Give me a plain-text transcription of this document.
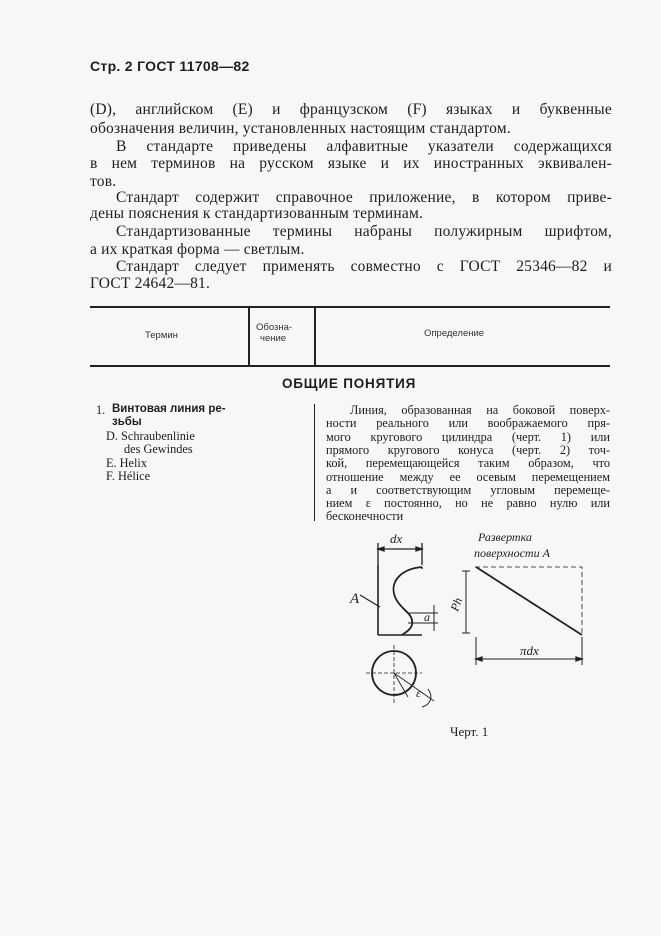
Стр. 2 ГОСТ 11708—82
(D), английском (Е) и французском (F) языках и буквенные
обозначения величин, установленных настоящим стандартом.
В стандарте приведены алфавитные указатели содержащихся
в нем терминов на русском языке и их иностранных эквивален-
тов.
Стандарт содержит справочное приложение, в котором приве-
дены пояснения к стандартизованным терминам.
Стандартизованные термины набраны полужирным шрифтом,
а их краткая форма — светлым.
Стандарт следует применять совместно с ГОСТ 25346—82 и
ГОСТ 24642—81.
Термин
Обозна-
чение	Определение
ОБЩИЕ ПОНЯТИЯ
1. Винтовая линия ре-
зьбы
D. Schraubenlinie
des Gewindes
E. Helix
F. Hélice
Линия, образованная на боковой поверх-
ности реального или воображаемого пря-
мого кругового цилиндра (черт. 1) или
прямого кругового конуса (черт. 2) точ-
кой, перемещающейся таким образом, что
отношение между ее осевым перемещением
a и соответствующим угловым перемеще-
нием ε постоянно, но не равно нулю или
бесконечности
dx
A
a
ε
Ph
πdx
Развертка
поверхности A
Черт. 1
